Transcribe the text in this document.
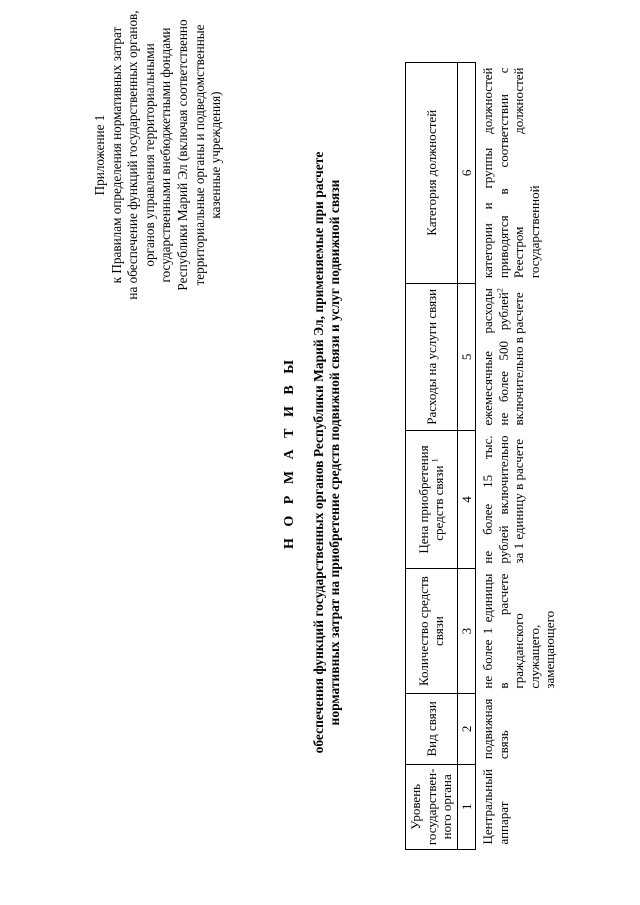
Приложение 1 к Правилам определения нормативных затрат на обеспечение функций государственных органов, органов управления территориальными государственными внебюджетными фондами Республики Марий Эл (включая соответственно территориальные органы и подведомственные казенные учреждения)
Н О Р М А Т И В Ы обеспечения функций государственных органов Республики Марий Эл, применяемые при расчете нормативных затрат на приобретение средств подвижной связи и услуг подвижной связи
Уровень государствен-ного органа	Вид связи	Количество средств связи	Цена приобретения средств связи $^1$	Расходы на услуги связи	Категория должностей
1	2	3	4	5	6
Центральный аппарат	подвижная связь	не более 1 единицы в расчете гражданского служащего, замещающего	не более 15 тыс. рублей включительно за 1 единицу в расчете	ежемесячные расходы не более 500 рублей$^2$ включительно в расчете	категории и группы должностей приводятся в соответствии с Реестром должностей государственной
